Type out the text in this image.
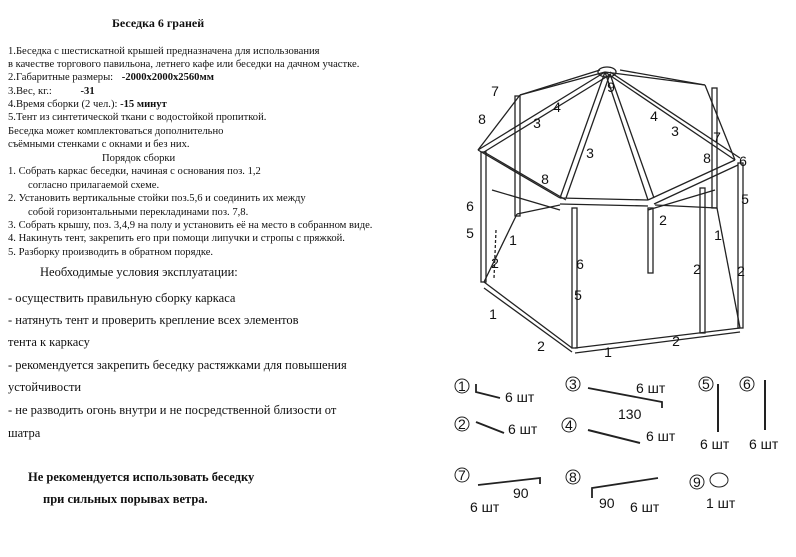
Беседка 6 граней
1.Беседка с шестискатной крышей предназначена для использования
в качестве торгового павильона, летнего кафе или беседки на дачном участке.
2.Габаритные размеры: -2000х2000х2560мм
3.Вес, кг.:	-31
4.Время сборки (2 чел.): -15 минут
5.Тент из синтетической ткани с водостойкой пропиткой.
Беседка может комплектоваться дополнительно
съёмными стенками с окнами и без них.
Порядок сборки
1. Собрать каркас беседки, начиная с основания поз. 1,2
согласно прилагаемой схеме.
2. Установить вертикальные стойки поз.5,6 и соединить их между
собой горизонтальными перекладинами поз. 7,8.
3. Собрать крышу, поз. 3,4,9 на полу и установить её на место в собранном виде.
4. Накинуть тент, закрепить его при помощи липучки и стропы с пряжкой.
5. Разборку производить в обратном порядке.
Необходимые условия эксплуатации:
- осуществить правильную сборку каркаса
- натянуть тент и проверить крепление всех элементов
тента к каркасу
- рекомендуется закрепить беседку растяжками для повышения
устойчивости
- не разводить огонь внутри и не посредственной близости от
шатра
Не рекомендуется использовать беседку
при сильных порывах ветра.
9
4
4
3	3
3
7
7
8
8
8 6
6
6
5
5
5
1	1
1
1
2
2	2	2
2	2
1
6 шт
2	6 шт
3	6 шт
130
4
6 шт
5
6 шт
6
6 шт
7
6 шт
90
8
6 шт
90
9
1 шт
